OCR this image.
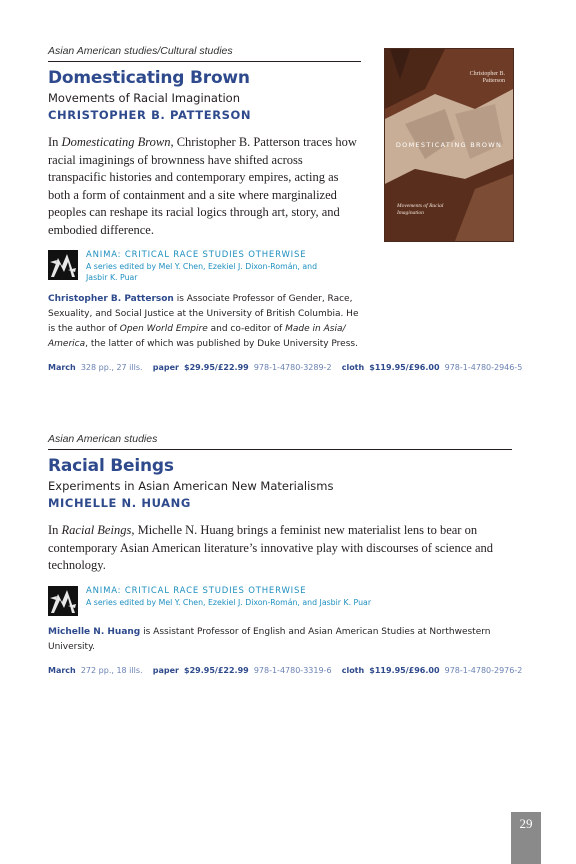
Asian American studies/Cultural studies
Domesticating Brown
Movements of Racial Imagination
CHRISTOPHER B. PATTERSON
In Domesticating Brown, Christopher B. Patterson traces how racial imaginings of brownness have shifted across transpacific histories and contemporary empires, acting as both a form of containment and a site where marginalized peoples can reshape its racial logics through art, story, and embodied difference.
ANIMA: CRITICAL RACE STUDIES OTHERWISE
A series edited by Mel Y. Chen, Ezekiel J. Dixon-Román, and Jasbir K. Puar
Christopher B. Patterson is Associate Professor of Gender, Race, Sexuality, and Social Justice at the University of British Columbia. He is the author of Open World Empire and co-editor of Made in Asia/ America, the latter of which was published by Duke University Press.
March 328 pp., 27 ills. paper $29.95/£22.99 978-1-4780-3289-2 cloth $119.95/£96.00 978-1-4780-2946-5
Christopher B. Patterson
DOMESTICATING BROWN
Movements of Racial Imagination
Asian American studies
Racial Beings
Experiments in Asian American New Materialisms
MICHELLE N. HUANG
In Racial Beings, Michelle N. Huang brings a feminist new materialist lens to bear on contemporary Asian American literature’s innovative play with discourses of science and technology.
ANIMA: CRITICAL RACE STUDIES OTHERWISE
A series edited by Mel Y. Chen, Ezekiel J. Dixon-Román, and Jasbir K. Puar
Michelle N. Huang is Assistant Professor of English and Asian American Studies at Northwestern University.
March 272 pp., 18 ills. paper $29.95/£22.99 978-1-4780-3319-6 cloth $119.95/£96.00 978-1-4780-2976-2
29
